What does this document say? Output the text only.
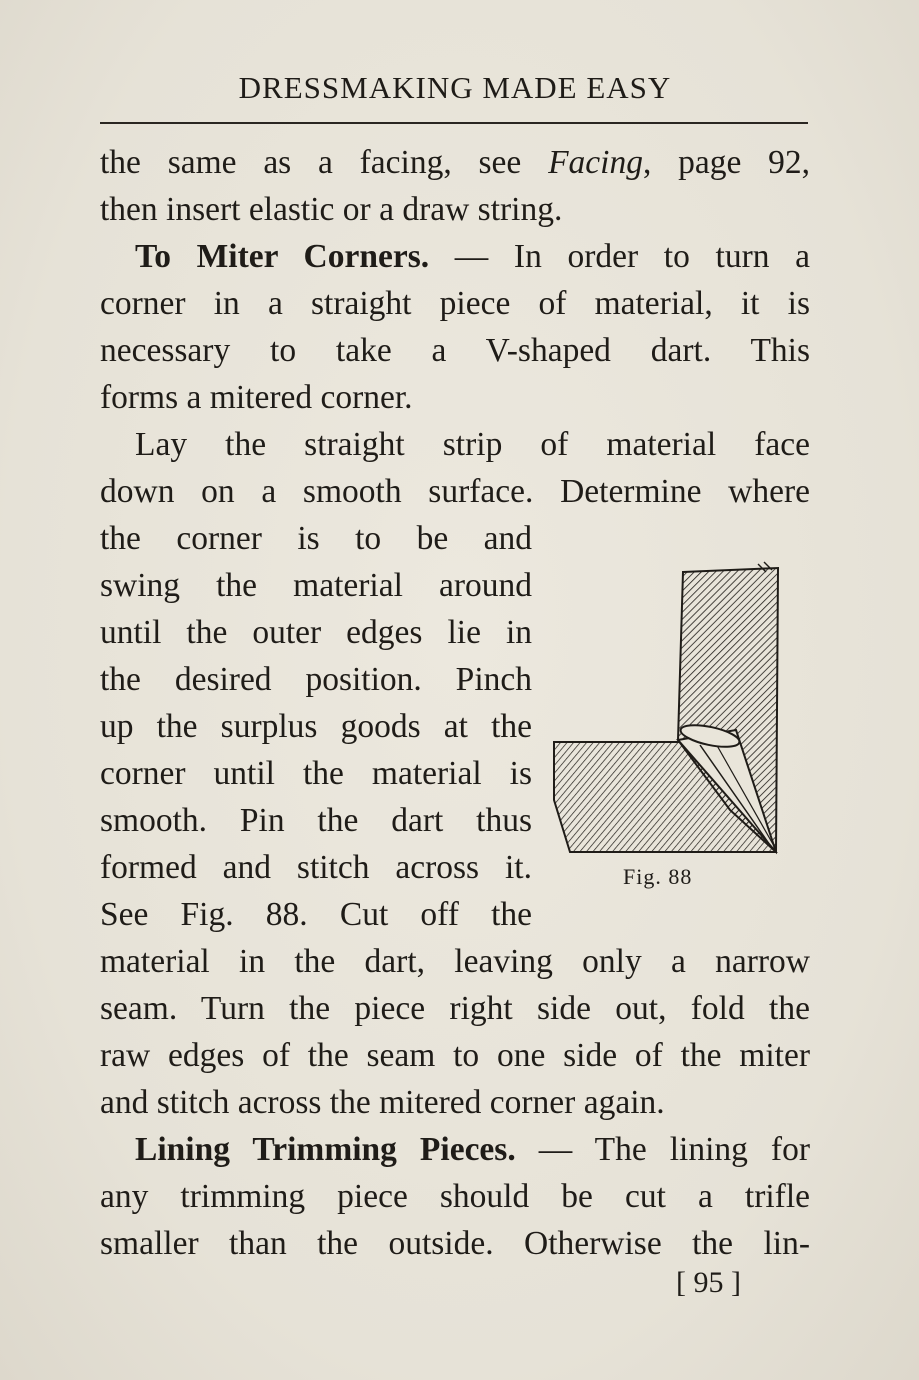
DRESSMAKING MADE EASY
the same as a facing, see Facing, page 92,
then insert elastic or a draw string.
To Miter Corners. — In order to turn a
corner in a straight piece of material, it is
necessary to take a V-shaped dart. This
forms a mitered corner.
Lay the straight strip of material face
down on a smooth surface. Determine where
the corner is to be and
swing the material around
until the outer edges lie in
the desired position. Pinch
up the surplus goods at the
corner until the material is
smooth. Pin the dart thus
formed and stitch across it.
See Fig. 88. Cut off the
material in the dart, leaving only a narrow
seam. Turn the piece right side out, fold the
raw edges of the seam to one side of the miter
and stitch across the mitered corner again.
Lining Trimming Pieces. — The lining for
any trimming piece should be cut a trifle
smaller than the outside. Otherwise the lin-
Fig. 88
[ 95 ]
